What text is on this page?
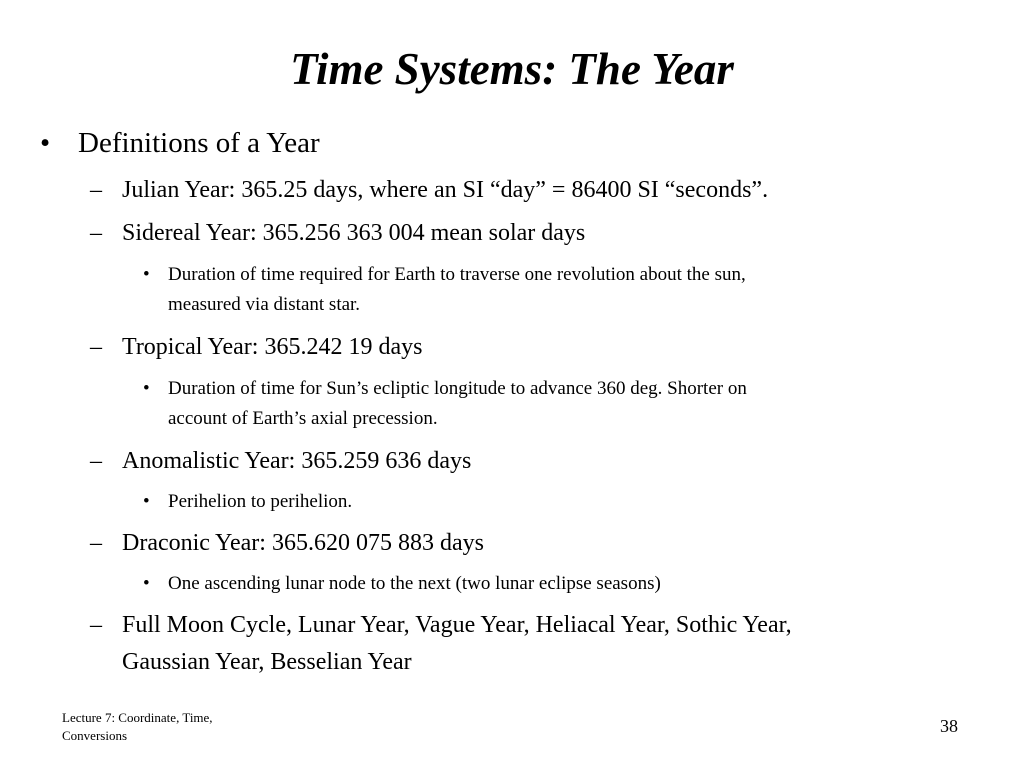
Time Systems: The Year
• Definitions of a Year
– Julian Year: 365.25 days, where an SI “day” = 86400 SI “seconds”.
– Sidereal Year: 365.256 363 004 mean solar days
• Duration of time required for Earth to traverse one revolution about the sun,
measured via distant star.
– Tropical Year: 365.242 19 days
• Duration of time for Sun’s ecliptic longitude to advance 360 deg. Shorter on
account of Earth’s axial precession.
– Anomalistic Year: 365.259 636 days
• Perihelion to perihelion.
– Draconic Year: 365.620 075 883 days
• One ascending lunar node to the next (two lunar eclipse seasons)
– Full Moon Cycle, Lunar Year, Vague Year, Heliacal Year, Sothic Year,
Gaussian Year, Besselian Year
Lecture 7: Coordinate, Time,
Conversions	38
